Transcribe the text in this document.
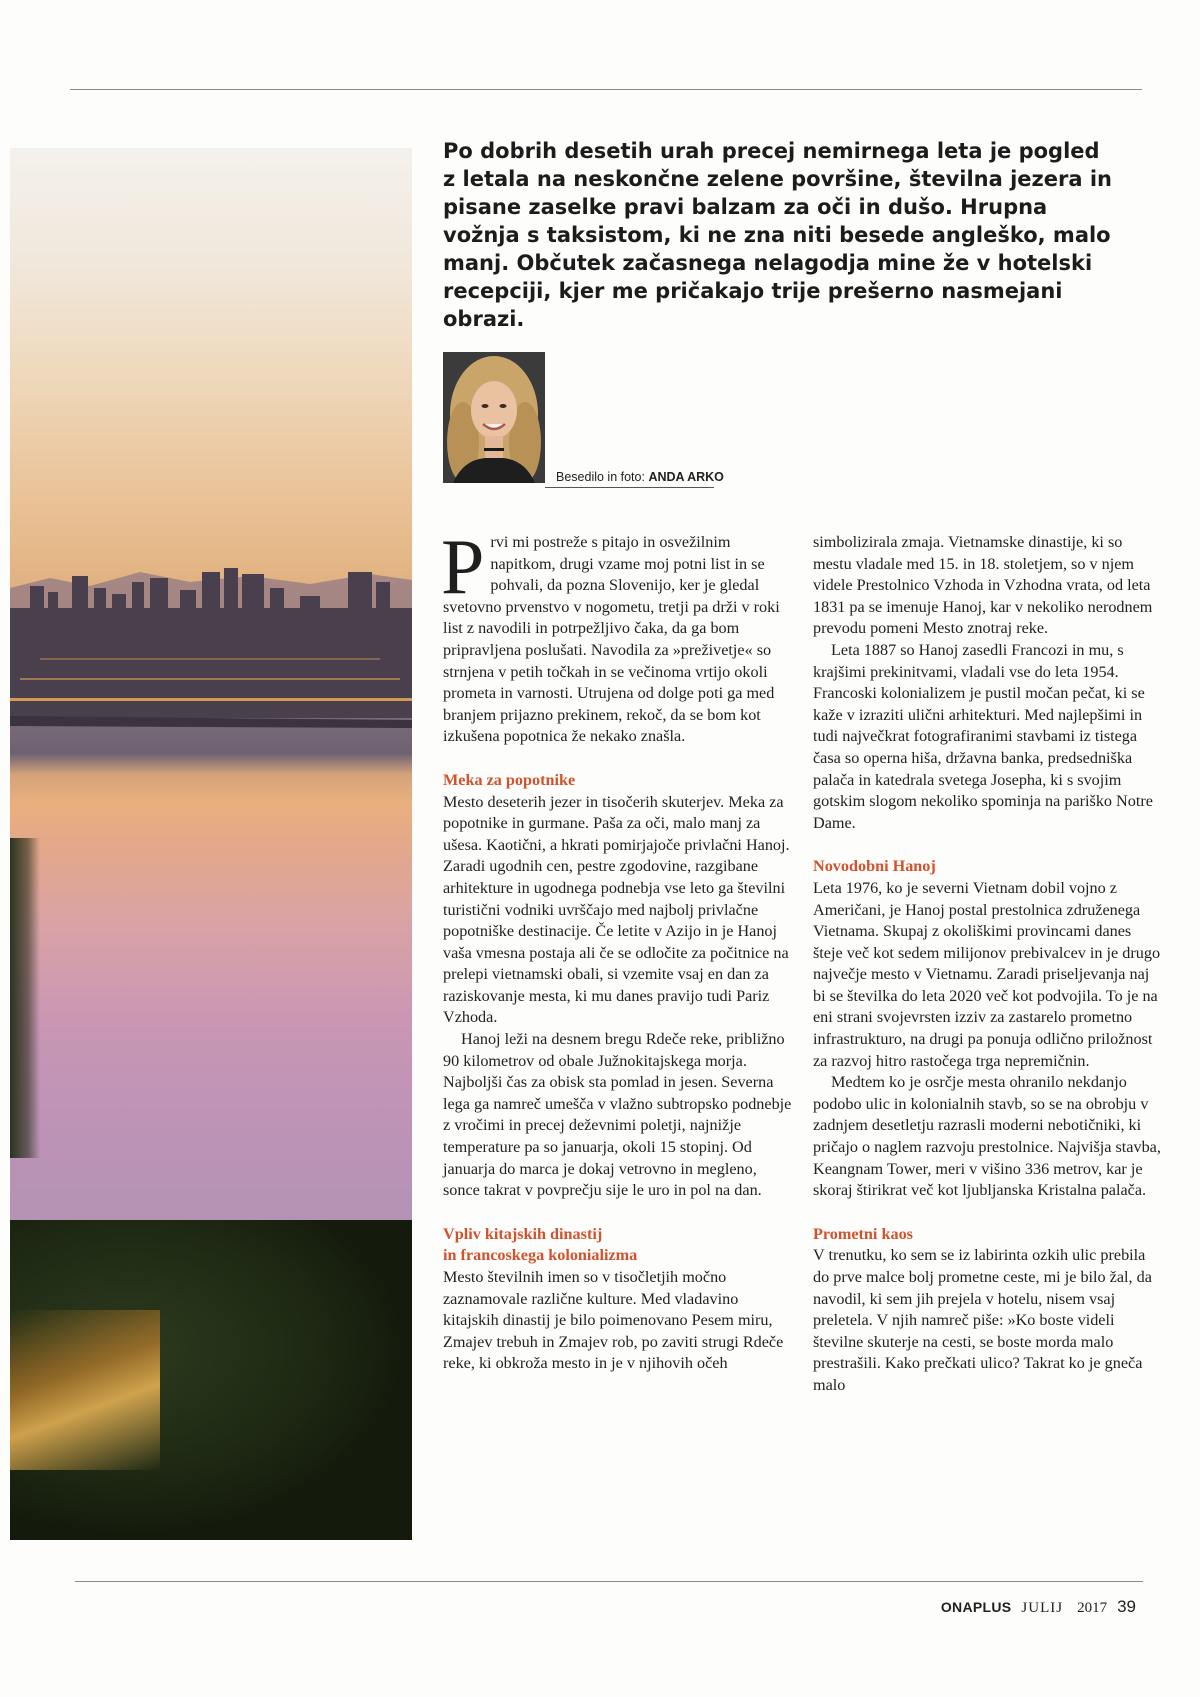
Po dobrih desetih urah precej nemirnega leta je pogled z letala na neskončne zelene površine, številna jezera in pisane zaselke pravi balzam za oči in dušo. Hrupna vožnja s taksistom, ki ne zna niti besede angleško, malo manj. Občutek začasnega nelagodja mine že v hotelski recepciji, kjer me pričakajo trije prešerno nasmejani obrazi.

Besedilo in foto: ANDA ARKO

Prvi mi postreže s pitajo in osvežilnim napitkom, drugi vzame moj potni list in se pohvali, da pozna Slovenijo, ker je gledal svetovno prvenstvo v nogometu, tretji pa drži v roki list z navodili in potrpežljivo čaka, da ga bom pripravljena poslušati. Navodila za »preživetje« so strnjena v petih točkah in se večinoma vrtijo okoli prometa in varnosti. Utrujena od dolge poti ga med branjem prijazno prekinem, rekoč, da se bom kot izkušena popotnica že nekako znašla.

Meka za popotnike

Mesto deseterih jezer in tisočerih skuterjev. Meka za popotnike in gurmane. Paša za oči, malo manj za ušesa. Kaotični, a hkrati pomirjajoče privlačni Hanoj. Zaradi ugodnih cen, pestre zgodovine, razgibane arhitekture in ugodnega podnebja vse leto ga številni turistični vodniki uvrščajo med najbolj privlačne popotniške destinacije. Če letite v Azijo in je Hanoj vaša vmesna postaja ali če se odločite za počitnice na prelepi vietnamski obali, si vzemite vsaj en dan za raziskovanje mesta, ki mu danes pravijo tudi Pariz Vzhoda.

Hanoj leži na desnem bregu Rdeče reke, približno 90 kilometrov od obale Južnokitajskega morja. Najboljši čas za obisk sta pomlad in jesen. Severna lega ga namreč umešča v vlažno subtropsko podnebje z vročimi in precej deževnimi poletji, najnižje temperature pa so januarja, okoli 15 stopinj. Od januarja do marca je dokaj vetrovno in megleno, sonce takrat v povprečju sije le uro in pol na dan.

Vpliv kitajskih dinastij

in francoskega kolonializma

Mesto številnih imen so v tisočletjih močno zaznamovale različne kulture. Med vladavino kitajskih dinastij je bilo poimenovano Pesem miru, Zmajev trebuh in Zmajev rob, po zaviti strugi Rdeče reke, ki obkroža mesto in je v njihovih očeh

simbolizirala zmaja. Vietnamske dinastije, ki so mestu vladale med 15. in 18. stoletjem, so v njem videle Prestolnico Vzhoda in Vzhodna vrata, od leta 1831 pa se imenuje Hanoj, kar v nekoliko nerodnem prevodu pomeni Mesto znotraj reke.

Leta 1887 so Hanoj zasedli Francozi in mu, s krajšimi prekinitvami, vladali vse do leta 1954. Francoski kolonializem je pustil močan pečat, ki se kaže v izraziti ulični arhitekturi. Med najlepšimi in tudi največkrat fotografiranimi stavbami iz tistega časa so operna hiša, državna banka, predsedniška palača in katedrala svetega Josepha, ki s svojim gotskim slogom nekoliko spominja na pariško Notre Dame.

Novodobni Hanoj

Leta 1976, ko je severni Vietnam dobil vojno z Američani, je Hanoj postal prestolnica združenega Vietnama. Skupaj z okoliškimi provincami danes šteje več kot sedem milijonov prebivalcev in je drugo največje mesto v Vietnamu. Zaradi priseljevanja naj bi se številka do leta 2020 več kot podvojila. To je na eni strani svojevrsten izziv za zastarelo prometno infrastrukturo, na drugi pa ponuja odlično priložnost za razvoj hitro rastočega trga nepremičnin.

Medtem ko je osrčje mesta ohranilo nekdanjo podobo ulic in kolonialnih stavb, so se na obrobju v zadnjem desetletju razrasli moderni nebotičniki, ki pričajo o naglem razvoju prestolnice. Najvišja stavba, Keangnam Tower, meri v višino 336 metrov, kar je skoraj štirikrat več kot ljubljanska Kristalna palača.

Prometni kaos

V trenutku, ko sem se iz labirinta ozkih ulic prebila do prve malce bolj prometne ceste, mi je bilo žal, da navodil, ki sem jih prejela v hotelu, nisem vsaj preletela. V njih namreč piše: »Ko boste videli številne skuterje na cesti, se boste morda malo prestrašili. Kako prečkati ulico? Takrat ko je gneča malo

ONAPLUS JULIJ 2017 39
